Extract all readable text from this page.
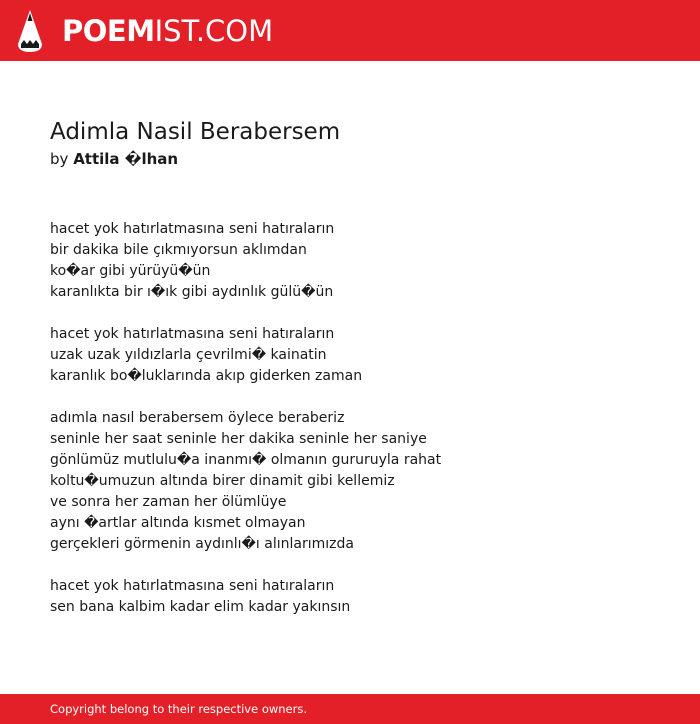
POEMIST.COM
Adimla Nasil Berabersem
by Attila �lhan
hacet yok hatırlatmasına seni hatıraların
bir dakika bile çıkmıyorsun aklımdan
ko�ar gibi yürüyü�ün
karanlıkta bir ı�ık gibi aydınlık gülü�ün
hacet yok hatırlatmasına seni hatıraların
uzak uzak yıldızlarla çevrilmi� kainatin
karanlık bo�luklarında akıp giderken zaman
adımla nasıl berabersem öylece beraberiz
seninle her saat seninle her dakika seninle her saniye
gönlümüz mutlulu�a inanmı� olmanın gururuyla rahat
koltu�umuzun altında birer dinamit gibi kellemiz
ve sonra her zaman her ölümlüye
aynı �artlar altında kısmet olmayan
gerçekleri görmenin aydınlı�ı alınlarımızda
hacet yok hatırlatmasına seni hatıraların
sen bana kalbim kadar elim kadar yakınsın
Copyright belong to their respective owners.
